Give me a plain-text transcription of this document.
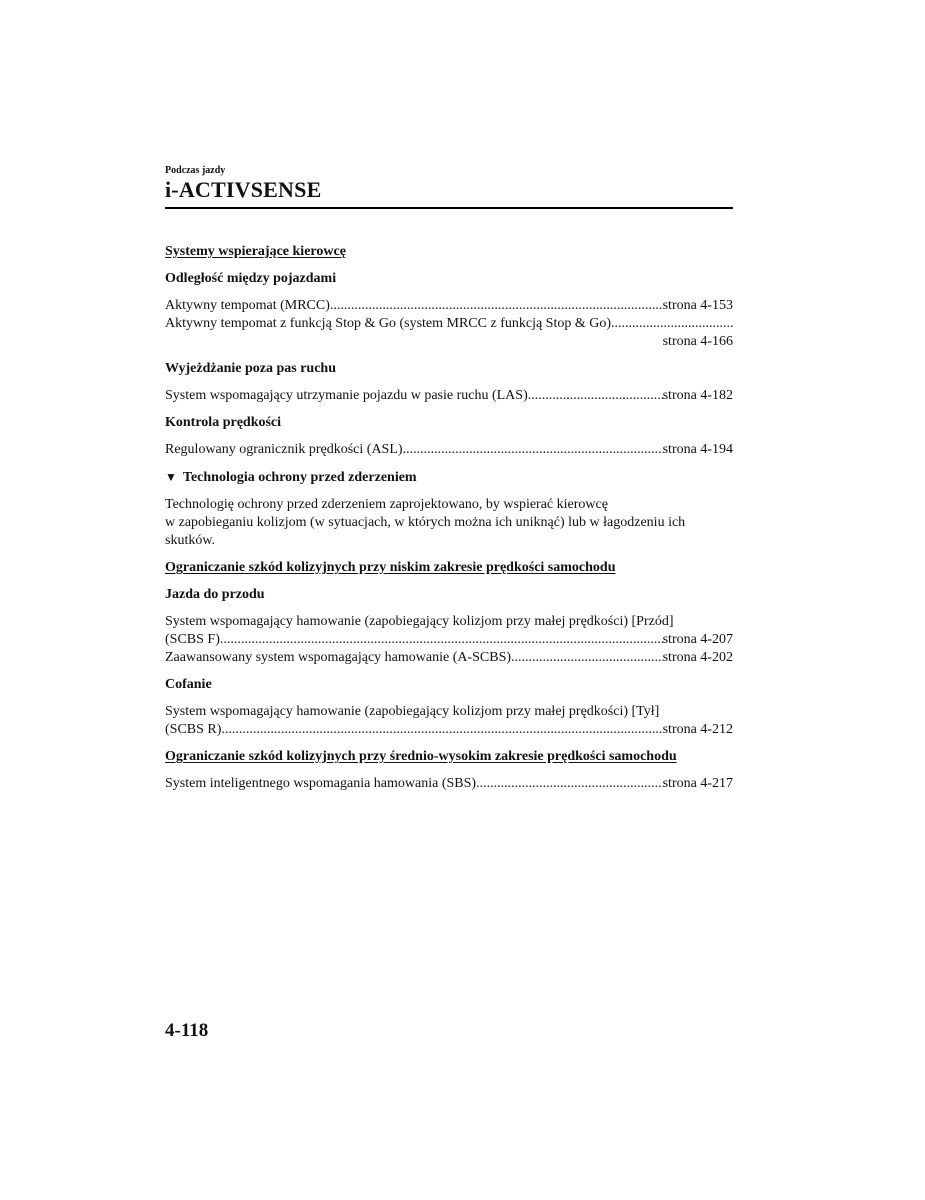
Podczas jazdy
i-ACTIVSENSE
Systemy wspierające kierowcę
Odległość między pojazdami
Aktywny tempomat (MRCC) .....	strona 4-153
Aktywny tempomat z funkcją Stop & Go (system MRCC z funkcją Stop & Go)
.....
strona 4-166
Wyjeżdżanie poza pas ruchu
System wspomagający utrzymanie pojazdu w pasie ruchu (LAS) .....	strona 4-182
Kontrola prędkości
Regulowany ogranicznik prędkości (ASL) .....	strona 4-194
▼ Technologia ochrony przed zderzeniem
Technologię ochrony przed zderzeniem zaprojektowano, by wspierać kierowcę
w zapobieganiu kolizjom (w sytuacjach, w których można ich uniknąć) lub w łagodzeniu ich
skutków.
Ograniczanie szkód kolizyjnych przy niskim zakresie prędkości samochodu
Jazda do przodu
System wspomagający hamowanie (zapobiegający kolizjom przy małej prędkości) [Przód]
(SCBS F) .....	strona 4-207
Zaawansowany system wspomagający hamowanie (A-SCBS) .....	strona 4-202
Cofanie
System wspomagający hamowanie (zapobiegający kolizjom przy małej prędkości) [Tył]
(SCBS R) .....	strona 4-212
Ograniczanie szkód kolizyjnych przy średnio-wysokim zakresie prędkości samochodu
System inteligentnego wspomagania hamowania (SBS) .....	strona 4-217
4-118
